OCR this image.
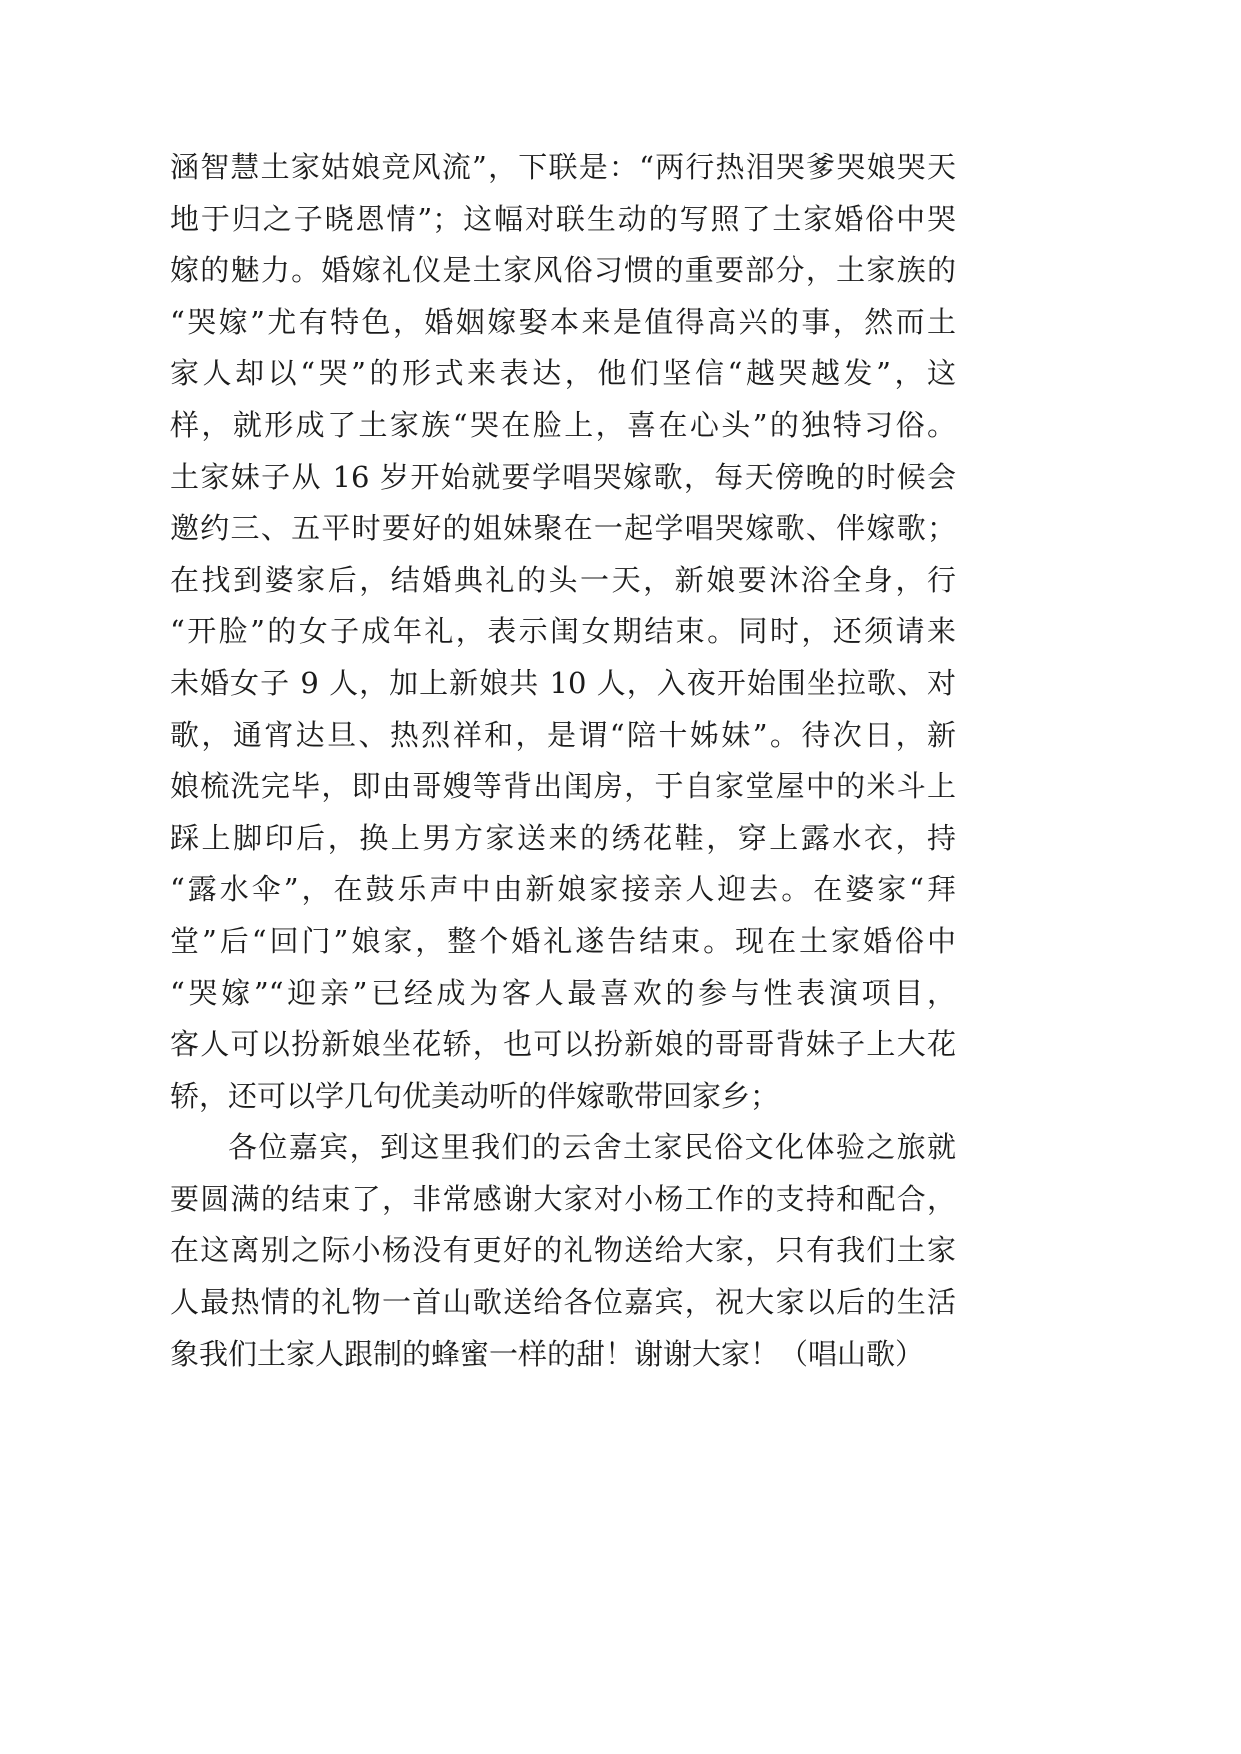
涵智慧土家姑娘竞风流”，下联是：“两行热泪哭爹哭娘哭天
地于归之子晓恩情”；这幅对联生动的写照了土家婚俗中哭
嫁的魅力。婚嫁礼仪是土家风俗习惯的重要部分，土家族的
“哭嫁”尤有特色，婚姻嫁娶本来是值得高兴的事，然而土
家人却以“哭”的形式来表达，他们坚信“越哭越发”，这
样，就形成了土家族“哭在脸上，喜在心头”的独特习俗。
土家妹子从 16 岁开始就要学唱哭嫁歌，每天傍晚的时候会
邀约三、五平时要好的姐妹聚在一起学唱哭嫁歌、伴嫁歌；
在找到婆家后，结婚典礼的头一天，新娘要沐浴全身，行
“开脸”的女子成年礼，表示闺女期结束。同时，还须请来
未婚女子 9 人，加上新娘共 10 人，入夜开始围坐拉歌、对
歌，通宵达旦、热烈祥和，是谓“陪十姊妹”。待次日，新
娘梳洗完毕，即由哥嫂等背出闺房，于自家堂屋中的米斗上
踩上脚印后，换上男方家送来的绣花鞋，穿上露水衣，持
“露水伞”，在鼓乐声中由新娘家接亲人迎去。在婆家“拜
堂”后“回门”娘家，整个婚礼遂告结束。现在土家婚俗中
“哭嫁”“迎亲”已经成为客人最喜欢的参与性表演项目，
客人可以扮新娘坐花轿，也可以扮新娘的哥哥背妹子上大花
轿，还可以学几句优美动听的伴嫁歌带回家乡；
各位嘉宾，到这里我们的云舍土家民俗文化体验之旅就
要圆满的结束了，非常感谢大家对小杨工作的支持和配合，
在这离别之际小杨没有更好的礼物送给大家，只有我们土家
人最热情的礼物一首山歌送给各位嘉宾，祝大家以后的生活
象我们土家人跟制的蜂蜜一样的甜！谢谢大家！（唱山歌）
